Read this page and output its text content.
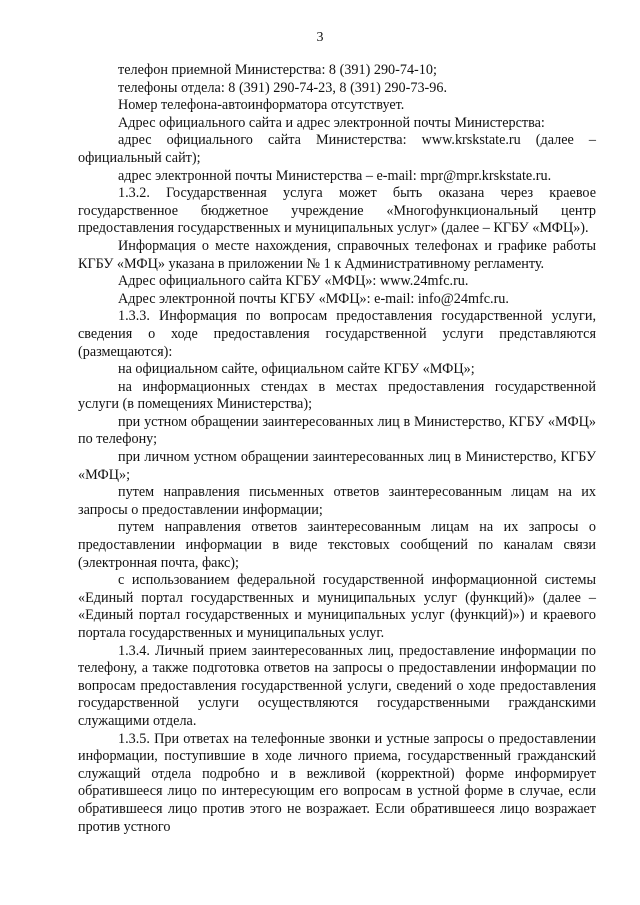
3

телефон приемной Министерства: 8 (391) 290-74-10;

телефоны отдела: 8 (391) 290-74-23, 8 (391) 290-73-96.

Номер телефона-автоинформатора отсутствует.

Адрес официального сайта и адрес электронной почты Министерства:

адрес официального сайта Министерства: www.krskstate.ru (далее – официальный сайт);

адрес электронной почты Министерства – e-mail: mpr@mpr.krskstate.ru.

1.3.2. Государственная услуга может быть оказана через краевое государственное бюджетное учреждение «Многофункциональный центр предоставления государственных и муниципальных услуг» (далее – КГБУ «МФЦ»).

Информация о месте нахождения, справочных телефонах и графике работы КГБУ «МФЦ» указана в приложении № 1 к Административному регламенту.

Адрес официального сайта КГБУ «МФЦ»: www.24mfc.ru.

Адрес электронной почты КГБУ «МФЦ»: e-mail: info@24mfc.ru.

1.3.3. Информация по вопросам предоставления государственной услуги, сведения о ходе предоставления государственной услуги представляются (размещаются):

на официальном сайте, официальном сайте КГБУ «МФЦ»;

на информационных стендах в местах предоставления государственной услуги (в помещениях Министерства);

при устном обращении заинтересованных лиц в Министерство, КГБУ «МФЦ» по телефону;

при личном устном обращении заинтересованных лиц в Министерство, КГБУ «МФЦ»;

путем направления письменных ответов заинтересованным лицам на их запросы о предоставлении информации;

путем направления ответов заинтересованным лицам на их запросы о предоставлении информации в виде текстовых сообщений по каналам связи (электронная почта, факс);

с использованием федеральной государственной информационной системы «Единый портал государственных и муниципальных услуг (функций)» (далее – «Единый портал государственных и муниципальных услуг (функций)») и краевого портала государственных и муниципальных услуг.

1.3.4. Личный прием заинтересованных лиц, предоставление информации по телефону, а также подготовка ответов на запросы о предоставлении информации по вопросам предоставления государственной услуги, сведений о ходе предоставления государственной услуги осуществляются государственными гражданскими служащими отдела.

1.3.5. При ответах на телефонные звонки и устные запросы о предоставлении информации, поступившие в ходе личного приема, государственный гражданский служащий отдела подробно и в вежливой (корректной) форме информирует обратившееся лицо по интересующим его вопросам в устной форме в случае, если обратившееся лицо против этого не возражает. Если обратившееся лицо возражает против устного
